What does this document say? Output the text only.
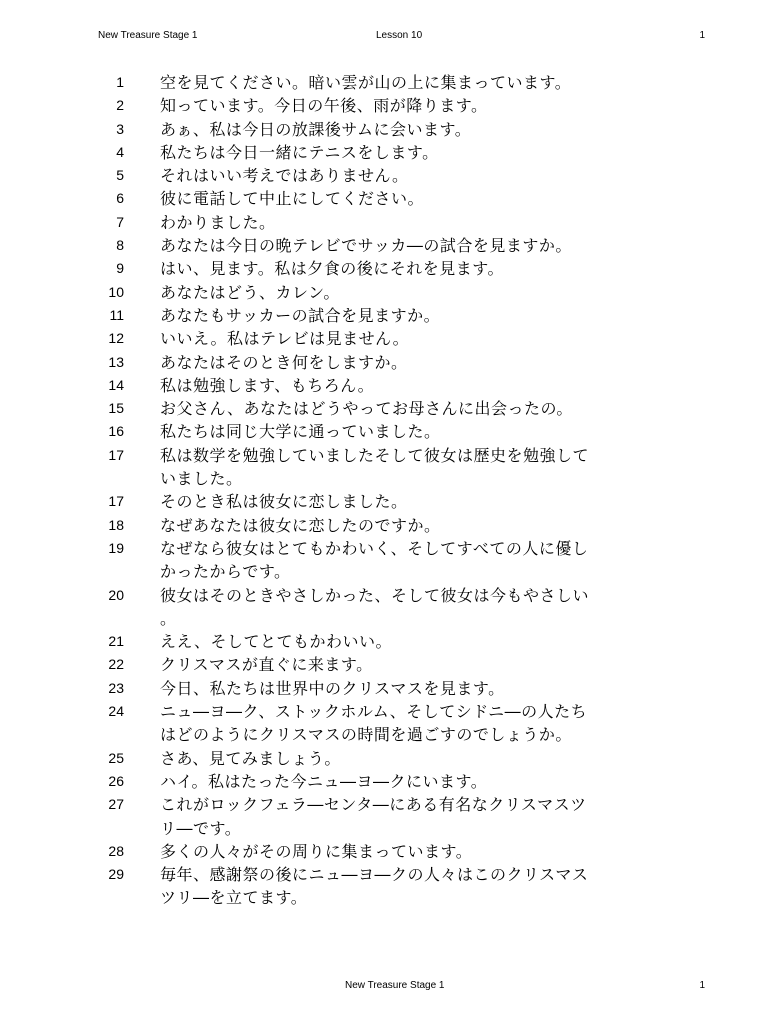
New Treasure Stage 1	Lesson 10	1
1 空を見てください。暗い雲が山の上に集まっています。
2 知っています。今日の午後、雨が降ります。
3 あぁ、私は今日の放課後サムに会います。
4 私たちは今日一緒にテニスをします。
5 それはいい考えではありません。
6 彼に電話して中止にしてください。
7 わかりました。
8 あなたは今日の晩テレビでサッカ―の試合を見ますか。
9 はい、見ます。私は夕食の後にそれを見ます。
10 あなたはどう、カレン。
11 あなたもサッカーの試合を見ますか。
12 いいえ。私はテレビは見ません。
13 あなたはそのとき何をしますか。
14 私は勉強します、もちろん。
15 お父さん、あなたはどうやってお母さんに出会ったの。
16 私たちは同じ大学に通っていました。
17 私は数学を勉強していましたそして彼女は歴史を勉強して
いました。
17 そのとき私は彼女に恋しました。
18 なぜあなたは彼女に恋したのですか。
19 なぜなら彼女はとてもかわいく、そしてすべての人に優し
かったからです。
20 彼女はそのときやさしかった、そして彼女は今もやさしい
。
21 ええ、そしてとてもかわいい。
22 クリスマスが直ぐに来ます。
23 今日、私たちは世界中のクリスマスを見ます。
24 ニュ―ヨ―ク、ストックホルム、そしてシドニ―の人たち
はどのようにクリスマスの時間を過ごすのでしょうか。
25 さあ、見てみましょう。
26 ハイ。私はたった今ニュ―ヨ―クにいます。
27 これがロックフェラ―センタ―にある有名なクリスマスツ
リ―です。
28 多くの人々がその周りに集まっています。
29 毎年、感謝祭の後にニュ―ヨ―クの人々はこのクリスマス
ツリ―を立てます。
New Treasure Stage 1	1
